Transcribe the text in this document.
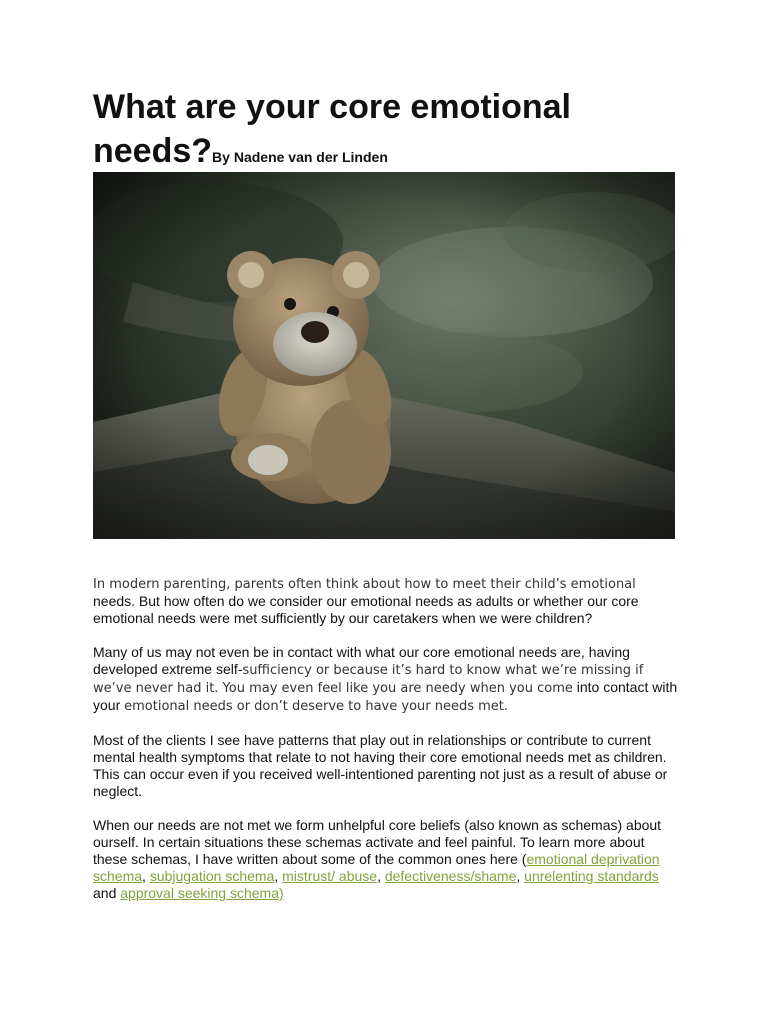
What are your core emotional needs?By Nadene van der Linden

In modern parenting, parents often think about how to meet their child’s emotional needs. But how often do we consider our emotional needs as adults or whether our core emotional needs were met sufficiently by our caretakers when we were children?

Many of us may not even be in contact with what our core emotional needs are, having developed extreme self-sufficiency or because it’s hard to know what we’re missing if we’ve never had it. You may even feel like you are needy when you come into contact with your emotional needs or don’t deserve to have your needs met.

Most of the clients I see have patterns that play out in relationships or contribute to current mental health symptoms that relate to not having their core emotional needs met as children. This can occur even if you received well-intentioned parenting not just as a result of abuse or neglect.

When our needs are not met we form unhelpful core beliefs (also known as schemas) about ourself. In certain situations these schemas activate and feel painful. To learn more about these schemas, I have written about some of the common ones here (emotional deprivation schema, subjugation schema, mistrust/ abuse, defectiveness/shame, unrelenting standards and approval seeking schema)
